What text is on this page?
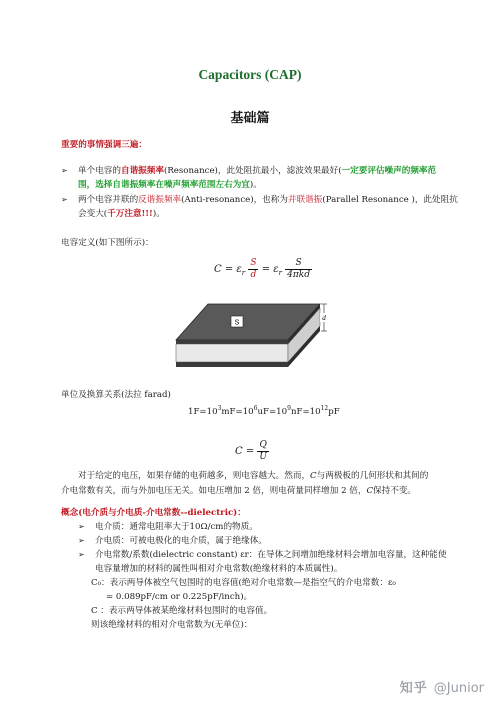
Capacitors (CAP)
基础篇
重要的事情强调三遍：
➢ 单个电容的自谐振频率(Resonance)，此处阻抗最小，滤波效果最好(一定要评估噪声的频率范
围，选择自谐振频率在噪声频率范围左右为宜)。
➢ 两个电容并联的反谐振频率(Anti-resonance)，也称为并联谐振(Parallel Resonance )，此处阻抗
会变大(千万注意!!!)。
电容定义(如下图所示)：
$C = \varepsilon_r \frac{S}{d} = \varepsilon_r \frac{S}{\text{4πkd}}$
S
d
单位及换算关系(法拉 farad)
$1F=10^3mF=10^6uF=10^9nF=10^{12}pF$
$C = \frac{Q}{U}$
对于给定的电压，如果存储的电荷越多，则电容越大。然而，C与两极板的几何形状和其间的
介电常数有关，而与外加电压无关。如电压增加 2 倍，则电荷量同样增加 2 倍，C保持不变。
概念(电介质与介电质-介电常数--dielectric)：
➢ 电介质：通常电阻率大于10Ω/cm的物质。
➢ 介电质：可被电极化的电介质，属于绝缘体。
➢ 介电常数/系数(dielectric constant) εr：在导体之间增加绝缘材料会增加电容量，这种能使
电容量增加的材料的属性叫相对介电常数(绝缘材料的本质属性)。
C₀：表示两导体被空气包围时的电容值(绝对介电常数—是指空气的介电常数：ε₀
= 0.089pF/cm or 0.225pF/inch)。
C ：表示两导体被某绝缘材料包围时的电容值。
则该绝缘材料的相对介电常数为(无单位)：
知乎 @Junior
